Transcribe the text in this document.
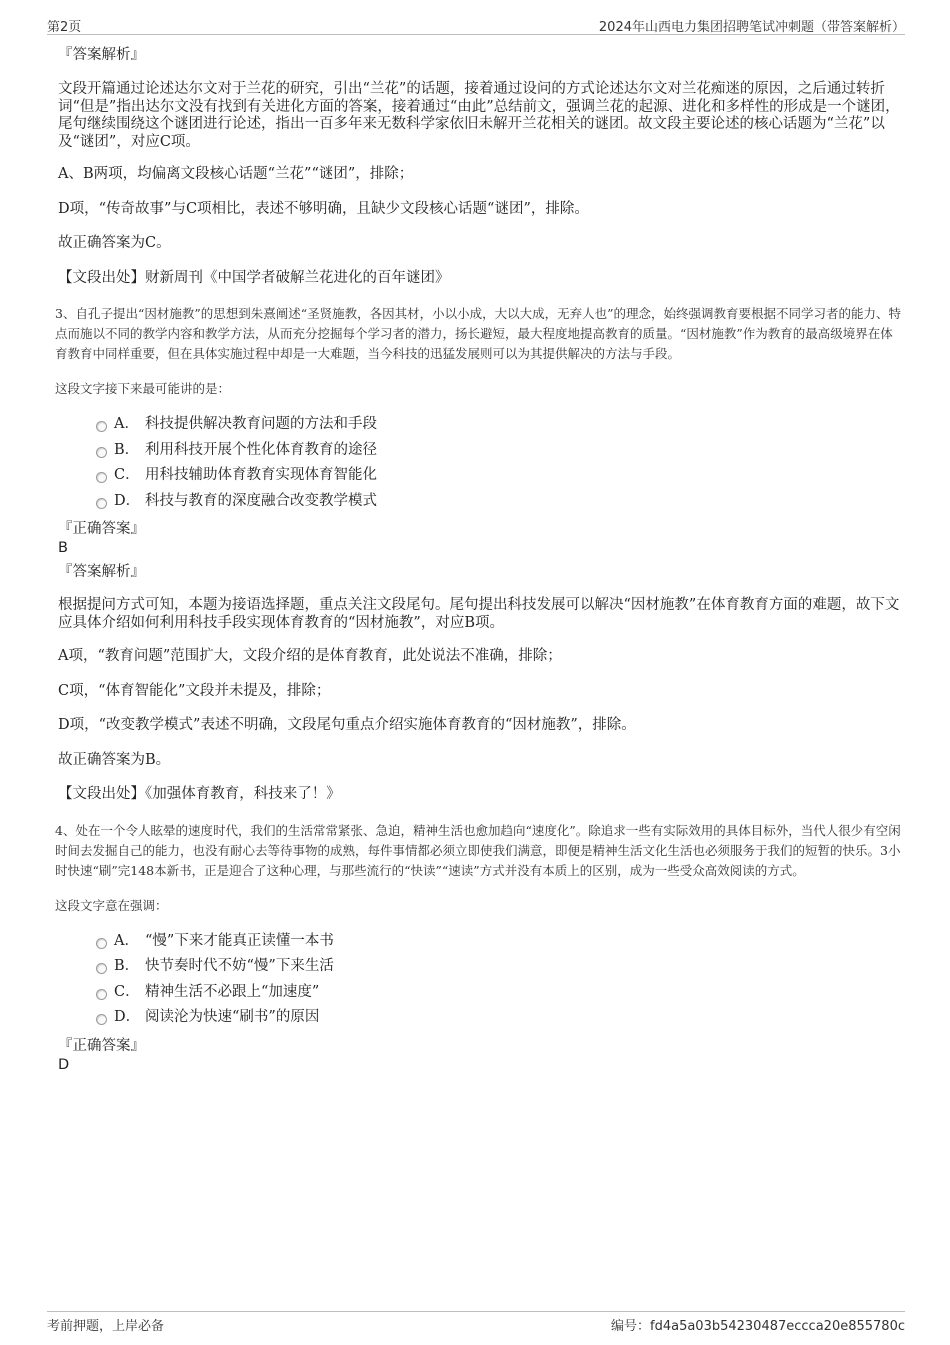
第2页	2024年山西电力集团招聘笔试冲刺题（带答案解析）
『答案解析』

文段开篇通过论述达尔文对于兰花的研究，引出“兰花”的话题，接着通过设问的方式论述达尔文对兰花痴迷的原因，之后通过转折词“但是”指出达尔文没有找到有关进化方面的答案，接着通过“由此”总结前文，强调兰花的起源、进化和多样性的形成是一个谜团，尾句继续围绕这个谜团进行论述，指出一百多年来无数科学家依旧未解开兰花相关的谜团。故文段主要论述的核心话题为“兰花”以及“谜团”，对应C项。

A、B两项，均偏离文段核心话题“兰花”“谜团”，排除；

D项，“传奇故事”与C项相比，表述不够明确，且缺少文段核心话题“谜团”，排除。

故正确答案为C。

【文段出处】财新周刊《中国学者破解兰花进化的百年谜团》

3、自孔子提出“因材施教”的思想到朱熹阐述“圣贤施教，各因其材，小以小成，大以大成，无弃人也”的理念，始终强调教育要根据不同学习者的能力、特点而施以不同的教学内容和教学方法，从而充分挖掘每个学习者的潜力，扬长避短，最大程度地提高教育的质量。“因材施教”作为教育的最高级境界在体育教育中同样重要，但在具体实施过程中却是一大难题，当今科技的迅猛发展则可以为其提供解决的方法与手段。
这段文字接下来最可能讲的是：
A． 科技提供解决教育问题的方法和手段
B． 利用科技开展个性化体育教育的途径
C． 用科技辅助体育教育实现体育智能化
D． 科技与教育的深度融合改变教学模式
『正确答案』
B
『答案解析』

根据提问方式可知，本题为接语选择题，重点关注文段尾句。尾句提出科技发展可以解决“因材施教”在体育教育方面的难题，故下文应具体介绍如何利用科技手段实现体育教育的“因材施教”，对应B项。

A项，“教育问题”范围扩大，文段介绍的是体育教育，此处说法不准确，排除；

C项，“体育智能化”文段并未提及，排除；

D项，“改变教学模式”表述不明确，文段尾句重点介绍实施体育教育的“因材施教”，排除。

故正确答案为B。

【文段出处】《加强体育教育，科技来了！》

4、处在一个令人眩晕的速度时代，我们的生活常常紧张、急迫，精神生活也愈加趋向“速度化”。除追求一些有实际效用的具体目标外，当代人很少有空闲时间去发掘自己的能力，也没有耐心去等待事物的成熟，每件事情都必须立即使我们满意，即便是精神生活文化生活也必须服务于我们的短暂的快乐。3小时快速“刷”完148本新书，正是迎合了这种心理，与那些流行的“快读”“速读”方式并没有本质上的区别，成为一些受众高效阅读的方式。
这段文字意在强调：
A． “慢”下来才能真正读懂一本书
B． 快节奏时代不妨“慢”下来生活
C． 精神生活不必跟上“加速度”
D． 阅读沦为快速“刷书”的原因
『正确答案』
D
考前押题，上岸必备	编号：fd4a5a03b54230487eccca20e855780c
